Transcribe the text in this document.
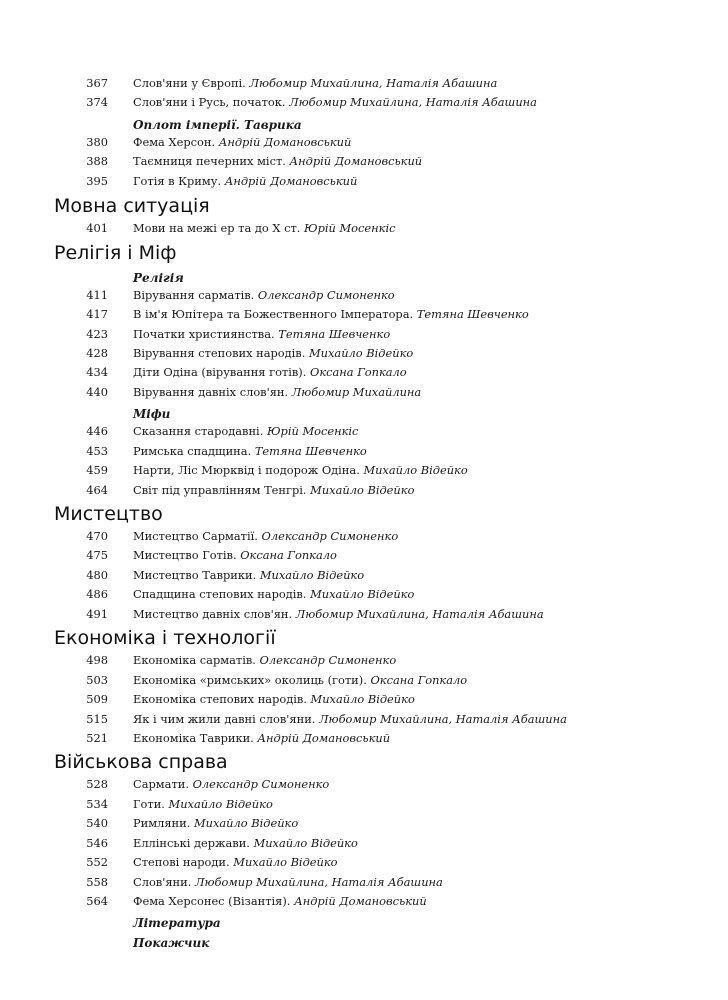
367 Слов'яни у Європі. Любомир Михайлина, Наталія Абашина
374 Слов'яни і Русь, початок. Любомир Михайлина, Наталія Абашина
Оплот імперії. Таврика
380 Фема Херсон. Андрій Домановський
388 Таємниця печерних міст. Андрій Домановський
395 Готія в Криму. Андрій Домановський
Мовна ситуація
401 Мови на межі ер та до Х ст. Юрій Мосенкіс
Релігія і Міф
Релігія
411 Вірування сарматів. Олександр Симоненко
417 В ім'я Юпітера та Божественного Імператора. Тетяна Шевченко
423 Початки християнства. Тетяна Шевченко
428 Вірування степових народів. Михайло Відейко
434 Діти Одіна (вірування готів). Оксана Гопкало
440 Вірування давніх слов'ян. Любомир Михайлина
Міфи
446 Сказання стародавні. Юрій Мосенкіс
453 Римська спадщина. Тетяна Шевченко
459 Нарти, Ліс Мюрквід і подорож Одіна. Михайло Відейко
464 Світ під управлінням Тенгрі. Михайло Відейко
Мистецтво
470 Мистецтво Сарматії. Олександр Симоненко
475 Мистецтво Готів. Оксана Гопкало
480 Мистецтво Таврики. Михайло Відейко
486 Спадщина степових народів. Михайло Відейко
491 Мистецтво давніх слов'ян. Любомир Михайлина, Наталія Абашина
Економіка і технології
498 Економіка сарматів. Олександр Симоненко
503 Економіка «римських» околиць (готи). Оксана Гопкало
509 Економіка степових народів. Михайло Відейко
515 Як і чим жили давні слов'яни. Любомир Михайлина, Наталія Абашина
521 Економіка Таврики. Андрій Домановський
Військова справа
528 Сармати. Олександр Симоненко
534 Готи. Михайло Відейко
540 Римляни. Михайло Відейко
546 Еллінські держави. Михайло Відейко
552 Степові народи. Михайло Відейко
558 Слов'яни. Любомир Михайлина, Наталія Абашина
564 Фема Херсонес (Візантія). Андрій Домановський
Література
Покажчик
